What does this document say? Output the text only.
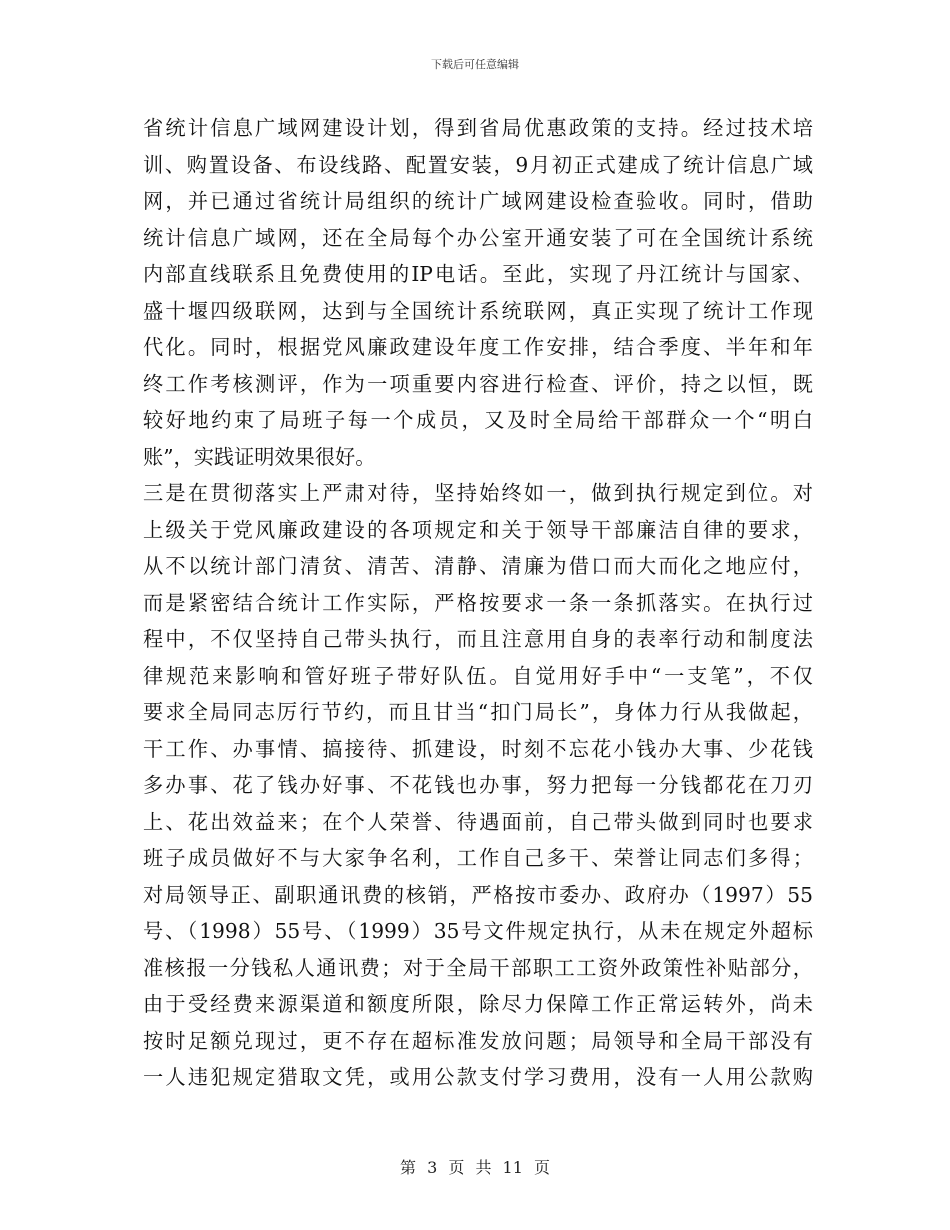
下载后可任意编辑
省统计信息广域网建设计划，得到省局优惠政策的支持。经过技术培
训、购置设备、布设线路、配置安装，9月初正式建成了统计信息广域
网，并已通过省统计局组织的统计广域网建设检查验收。同时，借助
统计信息广域网，还在全局每个办公室开通安装了可在全国统计系统
内部直线联系且免费使用的IP电话。至此，实现了丹江统计与国家、
盛十堰四级联网，达到与全国统计系统联网，真正实现了统计工作现
代化。同时，根据党风廉政建设年度工作安排，结合季度、半年和年
终工作考核测评，作为一项重要内容进行检查、评价，持之以恒，既
较好地约束了局班子每一个成员，又及时全局给干部群众一个“明白
账”，实践证明效果很好。
三是在贯彻落实上严肃对待，坚持始终如一，做到执行规定到位。对
上级关于党风廉政建设的各项规定和关于领导干部廉洁自律的要求，
从不以统计部门清贫、清苦、清静、清廉为借口而大而化之地应付，
而是紧密结合统计工作实际，严格按要求一条一条抓落实。在执行过
程中，不仅坚持自己带头执行，而且注意用自身的表率行动和制度法
律规范来影响和管好班子带好队伍。自觉用好手中“一支笔”，不仅
要求全局同志厉行节约，而且甘当“扣门局长”，身体力行从我做起，
干工作、办事情、搞接待、抓建设，时刻不忘花小钱办大事、少花钱
多办事、花了钱办好事、不花钱也办事，努力把每一分钱都花在刀刃
上、花出效益来；在个人荣誉、待遇面前，自己带头做到同时也要求
班子成员做好不与大家争名利，工作自己多干、荣誉让同志们多得；
对局领导正、副职通讯费的核销，严格按市委办、政府办（1997）55
号、（1998）55号、（1999）35号文件规定执行，从未在规定外超标
准核报一分钱私人通讯费；对于全局干部职工工资外政策性补贴部分，
由于受经费来源渠道和额度所限，除尽力保障工作正常运转外，尚未
按时足额兑现过，更不存在超标准发放问题；局领导和全局干部没有
一人违犯规定猎取文凭，或用公款支付学习费用，没有一人用公款购
第 3 页 共 11 页
